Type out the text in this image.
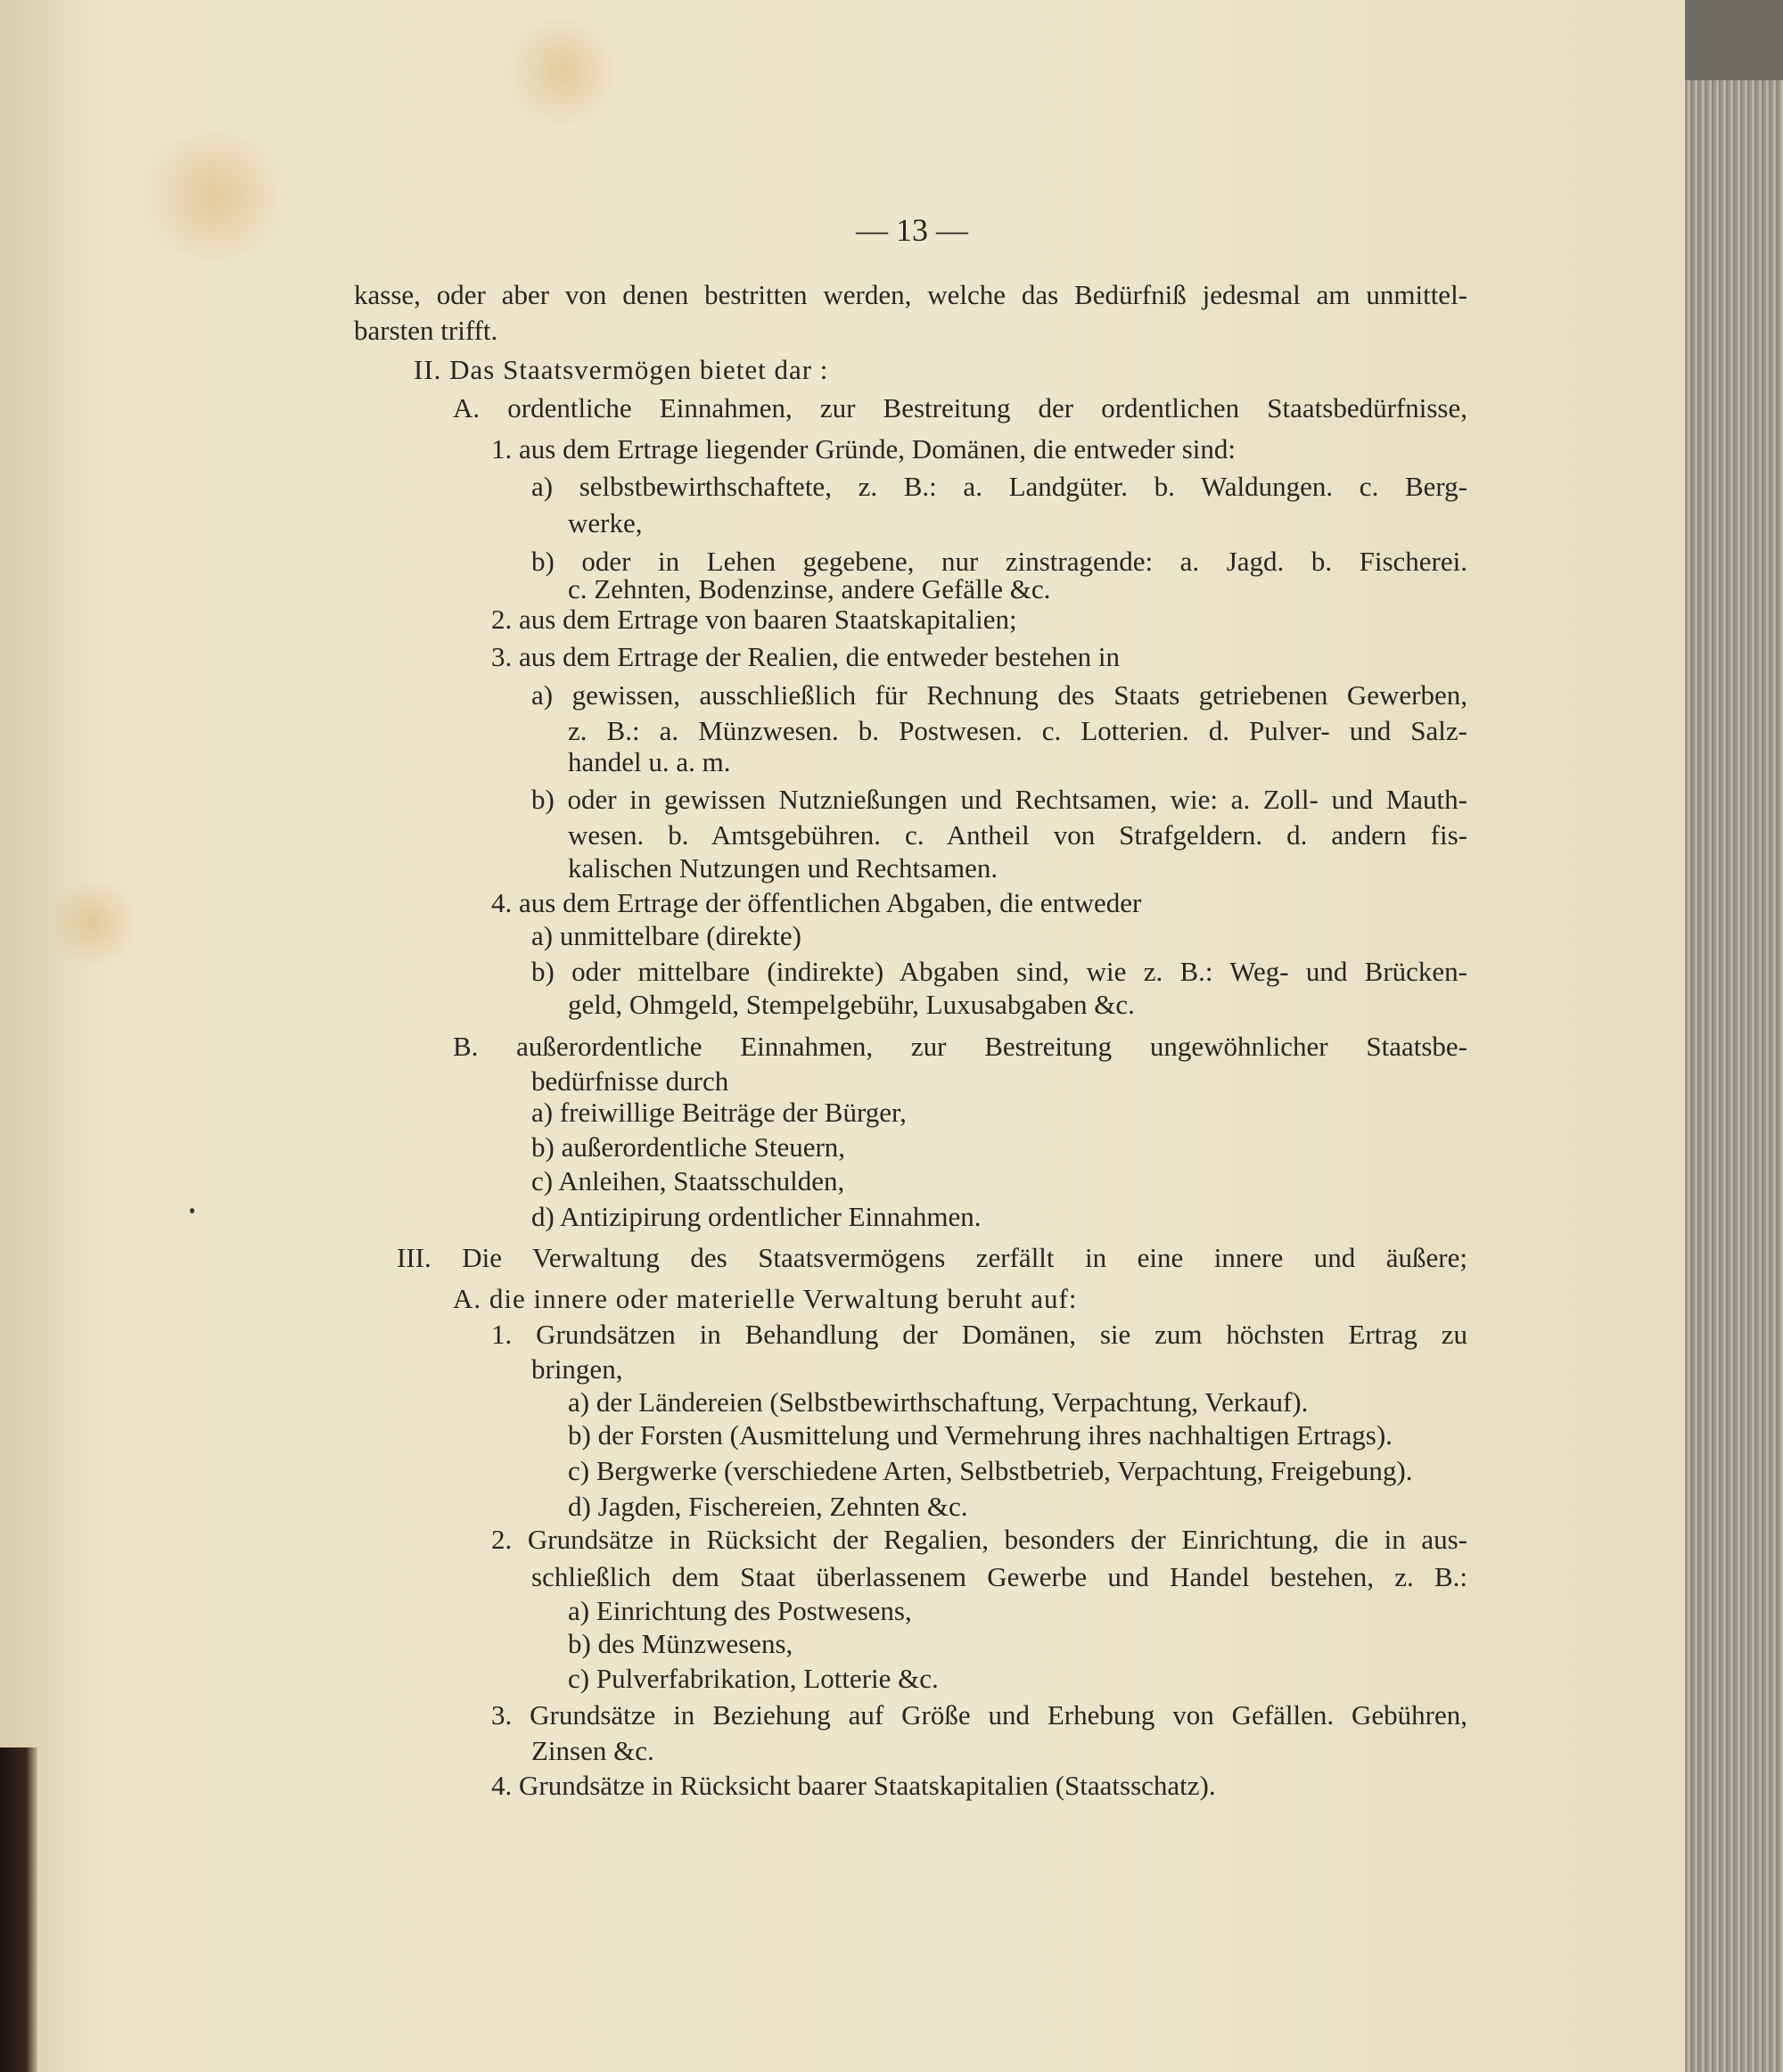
— 13 —
kasse, oder aber von denen bestritten werden, welche das Bedürfniß jedesmal am unmittel-
barsten trifft.
II. Das Staatsvermögen bietet dar :
A. ordentliche Einnahmen, zur Bestreitung der ordentlichen Staatsbedürfnisse,
1. aus dem Ertrage liegender Gründe, Domänen, die entweder sind:
a) selbstbewirthschaftete, z. B.: a. Landgüter. b. Waldungen. c. Berg-
werke,
b) oder in Lehen gegebene, nur zinstragende: a. Jagd. b. Fischerei.
c. Zehnten, Bodenzinse, andere Gefälle &c.
2. aus dem Ertrage von baaren Staatskapitalien;
3. aus dem Ertrage der Realien, die entweder bestehen in
a) gewissen, ausschließlich für Rechnung des Staats getriebenen Gewerben,
z. B.: a. Münzwesen. b. Postwesen. c. Lotterien. d. Pulver- und Salz-
handel u. a. m.
b) oder in gewissen Nutznießungen und Rechtsamen, wie: a. Zoll- und Mauth-
wesen. b. Amtsgebühren. c. Antheil von Strafgeldern. d. andern fis-
kalischen Nutzungen und Rechtsamen.
4. aus dem Ertrage der öffentlichen Abgaben, die entweder
a) unmittelbare (direkte)
b) oder mittelbare (indirekte) Abgaben sind, wie z. B.: Weg- und Brücken-
geld, Ohmgeld, Stempelgebühr, Luxusabgaben &c.
B. außerordentliche Einnahmen, zur Bestreitung ungewöhnlicher Staatsbe-
bedürfnisse durch
a) freiwillige Beiträge der Bürger,
b) außerordentliche Steuern,
c) Anleihen, Staatsschulden,
d) Antizipirung ordentlicher Einnahmen.
III. Die Verwaltung des Staatsvermögens zerfällt in eine innere und äußere;
A. die innere oder materielle Verwaltung beruht auf:
1. Grundsätzen in Behandlung der Domänen, sie zum höchsten Ertrag zu
bringen,
a) der Ländereien (Selbstbewirthschaftung, Verpachtung, Verkauf).
b) der Forsten (Ausmittelung und Vermehrung ihres nachhaltigen Ertrags).
c) Bergwerke (verschiedene Arten, Selbstbetrieb, Verpachtung, Freigebung).
d) Jagden, Fischereien, Zehnten &c.
2. Grundsätze in Rücksicht der Regalien, besonders der Einrichtung, die in aus-
schließlich dem Staat überlassenem Gewerbe und Handel bestehen, z. B.:
a) Einrichtung des Postwesens,
b) des Münzwesens,
c) Pulverfabrikation, Lotterie &c.
3. Grundsätze in Beziehung auf Größe und Erhebung von Gefällen. Gebühren,
Zinsen &c.
4. Grundsätze in Rücksicht baarer Staatskapitalien (Staatsschatz).
